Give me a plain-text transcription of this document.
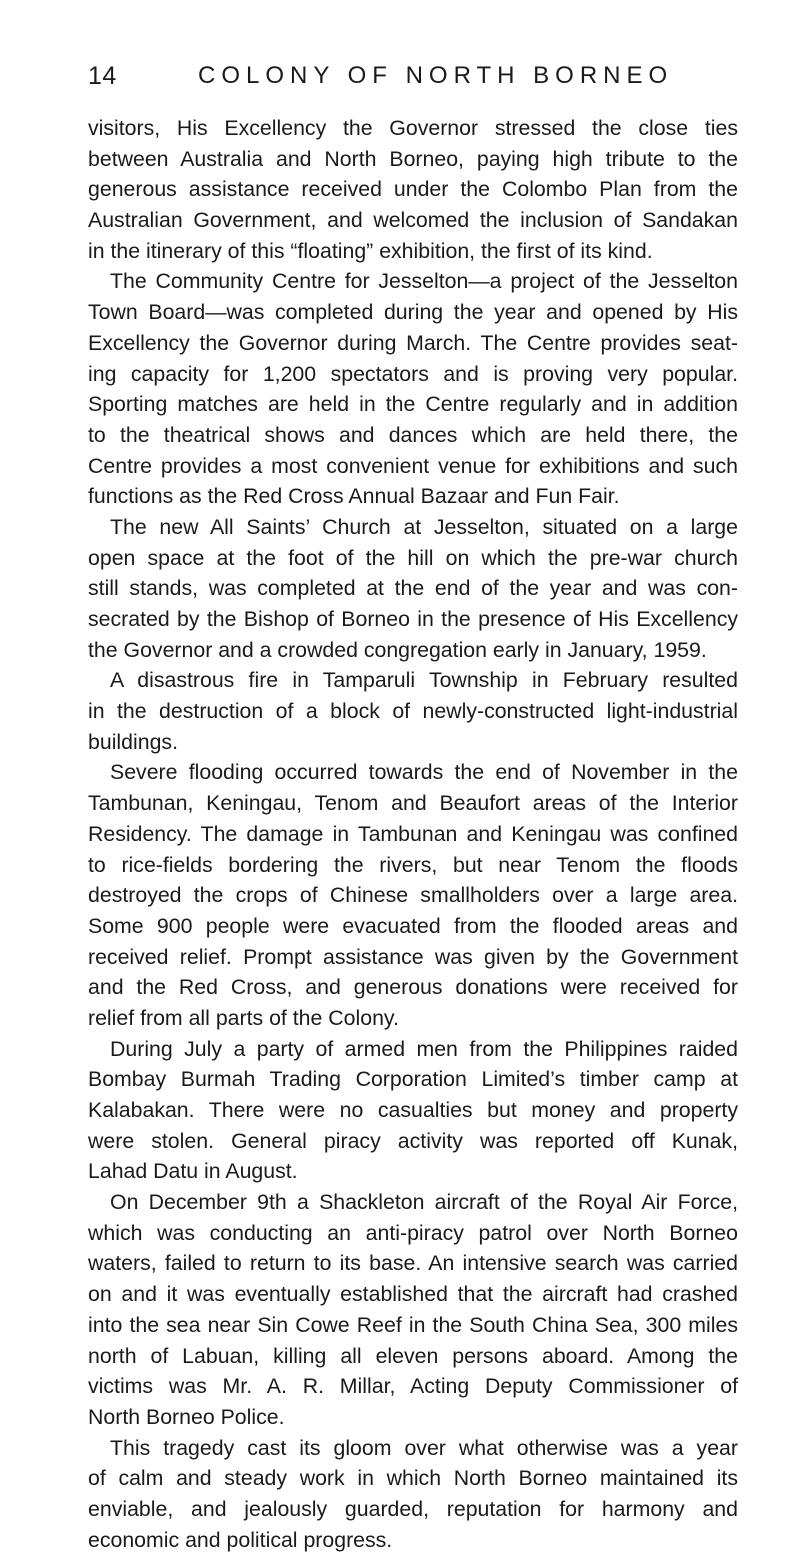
14	COLONY OF NORTH BORNEO
visitors, His Excellency the Governor stressed the close ties
between Australia and North Borneo, paying high tribute to the
generous assistance received under the Colombo Plan from the
Australian Government, and welcomed the inclusion of Sandakan
in the itinerary of this “floating” exhibition, the first of its kind.
The Community Centre for Jesselton—a project of the Jesselton
Town Board—was completed during the year and opened by His
Excellency the Governor during March. The Centre provides seat-
ing capacity for 1,200 spectators and is proving very popular.
Sporting matches are held in the Centre regularly and in addition
to the theatrical shows and dances which are held there, the
Centre provides a most convenient venue for exhibitions and such
functions as the Red Cross Annual Bazaar and Fun Fair.
The new All Saints’ Church at Jesselton, situated on a large
open space at the foot of the hill on which the pre-war church
still stands, was completed at the end of the year and was con-
secrated by the Bishop of Borneo in the presence of His Excellency
the Governor and a crowded congregation early in January, 1959.
A disastrous fire in Tamparuli Township in February resulted
in the destruction of a block of newly-constructed light-industrial
buildings.
Severe flooding occurred towards the end of November in the
Tambunan, Keningau, Tenom and Beaufort areas of the Interior
Residency. The damage in Tambunan and Keningau was confined
to rice-fields bordering the rivers, but near Tenom the floods
destroyed the crops of Chinese smallholders over a large area.
Some 900 people were evacuated from the flooded areas and
received relief. Prompt assistance was given by the Government
and the Red Cross, and generous donations were received for
relief from all parts of the Colony.
During July a party of armed men from the Philippines raided
Bombay Burmah Trading Corporation Limited’s timber camp at
Kalabakan. There were no casualties but money and property
were stolen. General piracy activity was reported off Kunak,
Lahad Datu in August.
On December 9th a Shackleton aircraft of the Royal Air Force,
which was conducting an anti-piracy patrol over North Borneo
waters, failed to return to its base. An intensive search was carried
on and it was eventually established that the aircraft had crashed
into the sea near Sin Cowe Reef in the South China Sea, 300 miles
north of Labuan, killing all eleven persons aboard. Among the
victims was Mr. A. R. Millar, Acting Deputy Commissioner of
North Borneo Police.
This tragedy cast its gloom over what otherwise was a year
of calm and steady work in which North Borneo maintained its
enviable, and jealously guarded, reputation for harmony and
economic and political progress.
